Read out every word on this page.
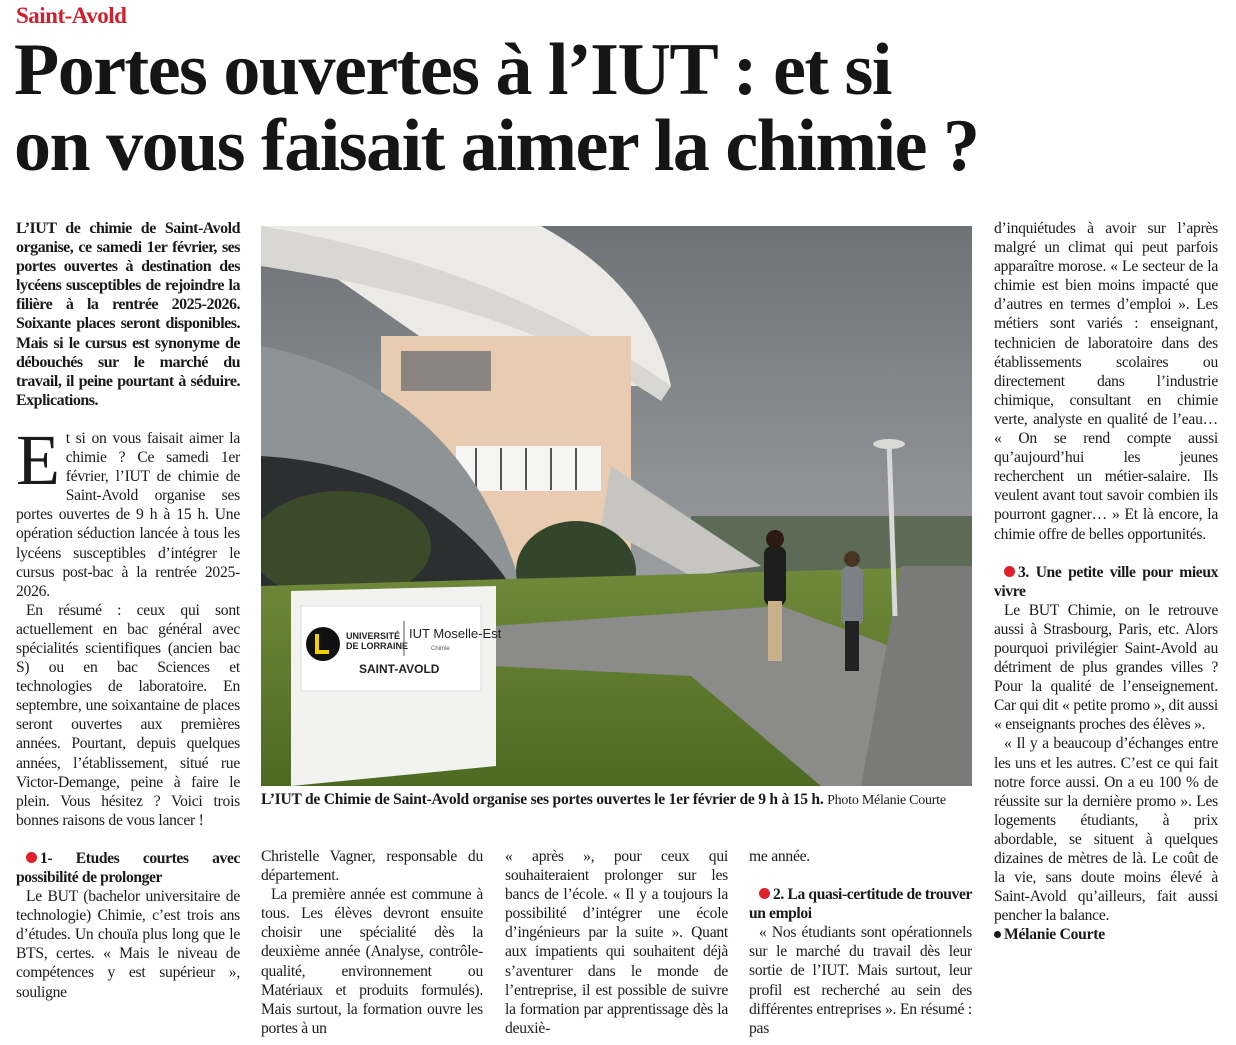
Saint-Avold
Portes ouvertes à l’IUT : et si
on vous faisait aimer la chimie ?

L’IUT de chimie de Saint-Avold organise, ce samedi 1er février, ses portes ouvertes à destination des lycéens susceptibles de rejoindre la filière à la rentrée 2025-2026. Soixante places seront disponibles. Mais si le cursus est synonyme de débouchés sur le marché du travail, il peine pourtant à séduire. Explications.

Et si on vous faisait aimer la chimie ? Ce samedi 1er février, l’IUT de chimie de Saint-Avold organise ses portes ouvertes de 9 h à 15 h. Une opération séduction lancée à tous les lycéens susceptibles d’intégrer le cursus post-bac à la rentrée 2025-2026.

En résumé : ceux qui sont actuellement en bac général avec spécialités scientifiques (ancien bac S) ou en bac Sciences et technologies de laboratoire. En septembre, une soixantaine de places seront ouvertes aux premières années. Pourtant, depuis quelques années, l’établissement, situé rue Victor-Demange, peine à faire le plein. Vous hésitez ? Voici trois bonnes raisons de vous lancer !

1- Etudes courtes avec possibilité de prolonger

Le BUT (bachelor universitaire de technologie) Chimie, c’est trois ans d’études. Un chouïa plus long que le BTS, certes. « Mais le niveau de compétences y est supérieur », souligne

UNIVERSITÉ DE LORRAINE
IUT Moselle-Est
Chimie
SAINT-AVOLD
L’IUT de Chimie de Saint-Avold organise ses portes ouvertes le 1er février de 9 h à 15 h. Photo Mélanie Courte

Christelle Vagner, responsable du département.

La première année est commune à tous. Les élèves devront ensuite choisir une spécialité dès la deuxième année (Analyse, contrôle-qualité, environnement ou Matériaux et produits formulés). Mais surtout, la formation ouvre les portes à un

« après », pour ceux qui souhaiteraient prolonger sur les bancs de l’école. « Il y a toujours la possibilité d’intégrer une école d’ingénieurs par la suite ». Quant aux impatients qui souhaitent déjà s’aventurer dans le monde de l’entreprise, il est possible de suivre la formation par apprentissage dès la deuxiè-

me année.

2. La quasi-certitude de trouver un emploi

« Nos étudiants sont opérationnels sur le marché du travail dès leur sortie de l’IUT. Mais surtout, leur profil est recherché au sein des différentes entreprises ». En résumé : pas

d’inquiétudes à avoir sur l’après malgré un climat qui peut parfois apparaître morose. « Le secteur de la chimie est bien moins impacté que d’autres en termes d’emploi ». Les métiers sont variés : enseignant, technicien de laboratoire dans des établissements scolaires ou directement dans l’industrie chimique, consultant en chimie verte, analyste en qualité de l’eau… « On se rend compte aussi qu’aujourd’hui les jeunes recherchent un métier-salaire. Ils veulent avant tout savoir combien ils pourront gagner… » Et là encore, la chimie offre de belles opportunités.

3. Une petite ville pour mieux vivre

Le BUT Chimie, on le retrouve aussi à Strasbourg, Paris, etc. Alors pourquoi privilégier Saint-Avold au détriment de plus grandes villes ? Pour la qualité de l’enseignement. Car qui dit « petite promo », dit aussi « enseignants proches des élèves ».

« Il y a beaucoup d’échanges entre les uns et les autres. C’est ce qui fait notre force aussi. On a eu 100 % de réussite sur la dernière promo ». Les logements étudiants, à prix abordable, se situent à quelques dizaines de mètres de là. Le coût de la vie, sans doute moins élevé à Saint-Avold qu’ailleurs, fait aussi pencher la balance.

Mélanie Courte
